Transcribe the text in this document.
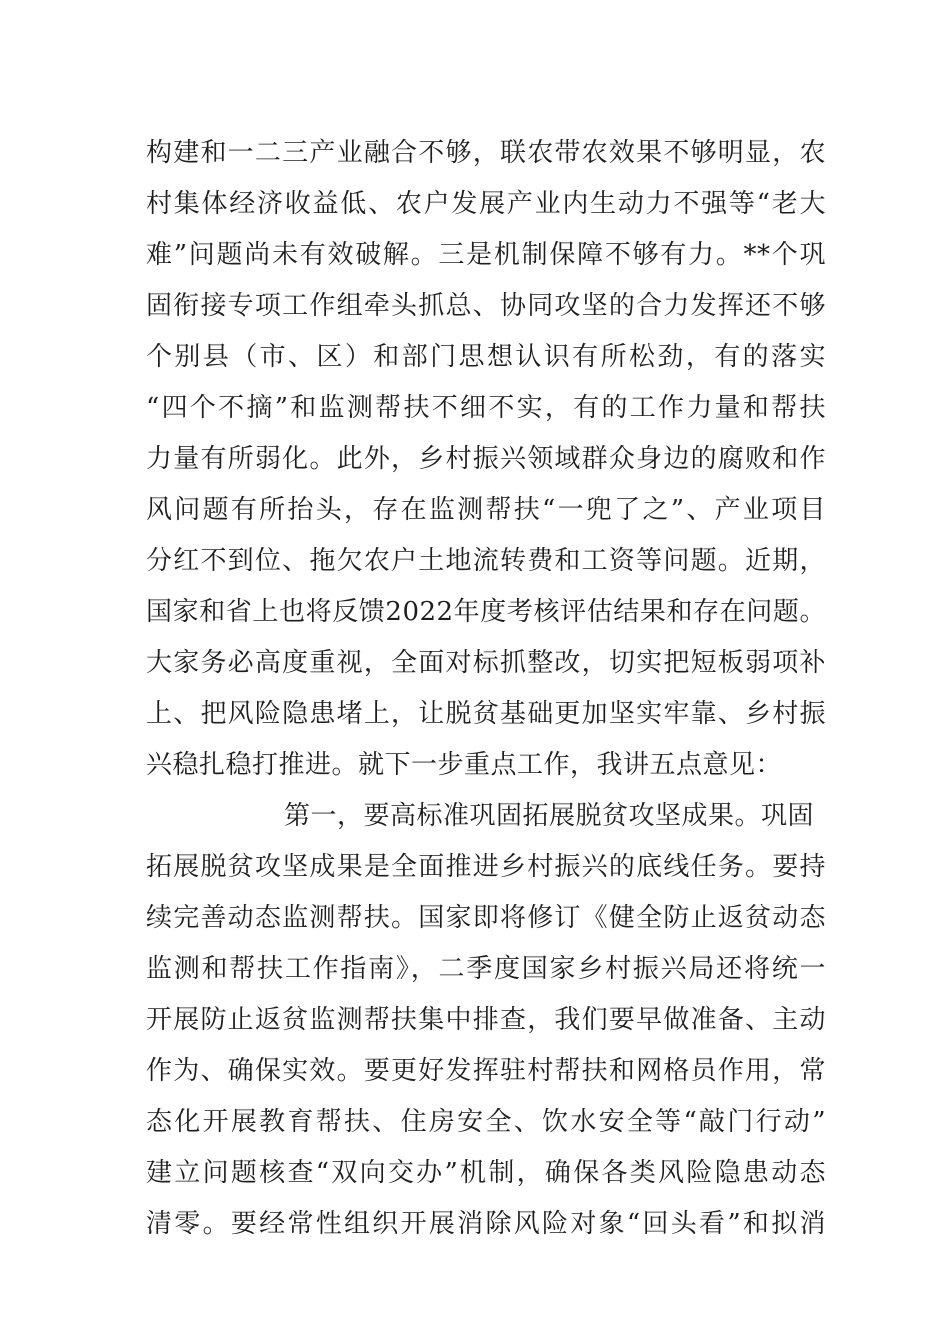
构建和一二三产业融合不够，联农带农效果不够明显，农
村集体经济收益低、农户发展产业内生动力不强等“老大
难”问题尚未有效破解。三是机制保障不够有力。**个巩
固衔接专项工作组牵头抓总、协同攻坚的合力发挥还不够
个别县（市、区）和部门思想认识有所松劲，有的落实
“四个不摘”和监测帮扶不细不实，有的工作力量和帮扶
力量有所弱化。此外，乡村振兴领域群众身边的腐败和作
风问题有所抬头，存在监测帮扶“一兜了之”、产业项目
分红不到位、拖欠农户土地流转费和工资等问题。近期，
国家和省上也将反馈2022年度考核评估结果和存在问题。
大家务必高度重视，全面对标抓整改，切实把短板弱项补
上、把风险隐患堵上，让脱贫基础更加坚实牢靠、乡村振
兴稳扎稳打推进。就下一步重点工作，我讲五点意见：
第一，要高标准巩固拓展脱贫攻坚成果。巩固
拓展脱贫攻坚成果是全面推进乡村振兴的底线任务。要持
续完善动态监测帮扶。国家即将修订《健全防止返贫动态
监测和帮扶工作指南》，二季度国家乡村振兴局还将统一
开展防止返贫监测帮扶集中排查，我们要早做准备、主动
作为、确保实效。要更好发挥驻村帮扶和网格员作用，常
态化开展教育帮扶、住房安全、饮水安全等“敲门行动”
建立问题核查“双向交办”机制，确保各类风险隐患动态
清零。要经常性组织开展消除风险对象“回头看”和拟消
